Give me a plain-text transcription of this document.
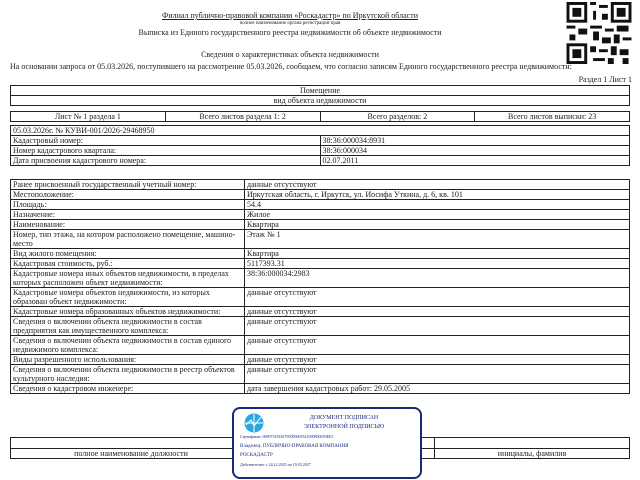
Филиал публично-правовой компании «Роскадастр» по Иркутской области
полное наименование органа регистрации прав
Выписка из Единого государственного реестра недвижимости об объекте недвижимости
Сведения о характеристиках объекта недвижимости
На основании запроса от 05.03.2026, поступившего на рассмотрение 05.03.2026, сообщаем, что согласно записям Единого государственного реестра недвижимости:
Раздел 1 Лист 1
Помещение
вид объекта недвижимости
Лист № 1 раздела 1	Всего листов раздела 1: 2	Всего разделов: 2	Всего листов выписки: 23
05.03.2026г. № КУВИ-001/2026-29468950	
Кадастровый номер:	38:36:000034:8931
Номер кадастрового квартала:	38:36:000034
Дата присвоения кадастрового номера:	02.07.2011
Ранее присвоенный государственный учетный номер:	данные отсутствуют
Местоположение:	Иркутская область, г. Иркутск, ул. Иосифа Уткина, д. 6, кв. 101
Площадь:	54.4
Назначение:	Жилое
Наименование:	Квартира
Номер, тип этажа, на котором расположено помещение, машино-место	Этаж № 1
Вид жилого помещения:	Квартира
Кадастровая стоимость, руб.:	5117393.31
Кадастровые номера иных объектов недвижимости, в пределах которых расположен объект недвижимости:	38:36:000034:2983
Кадастровые номера объектов недвижимости, из которых образован объект недвижимости:	данные отсутствуют
Кадастровые номера образованных объектов недвижимости:	данные отсутствуют
Сведения о включении объекта недвижимости в состав предприятия как имущественного комплекса:	данные отсутствуют
Сведения о включении объекта недвижимости в состав единого недвижимого комплекса:	данные отсутствуют
Виды разрешенного использования:	данные отсутствуют
Сведения о включении объекта недвижимости в реестр объектов культурного наследия:	данные отсутствуют
Сведения о кадастровом инженере:	дата завершения кадастровых работ: 29.05.2005

полное наименование должности		инициалы, фамилия
ДОКУМЕНТ ПОДПИСАН
ЭЛЕКТРОННОЙ ПОДПИСЬЮ
Сертификат: 00997318182795900003521900800019ЕЕ3
Владелец: ПУБЛИЧНО-ПРАВОВАЯ КОМПАНИЯ
РОСКАДАСТР
Действителен: с 24.12.2025 по 19.03.2027
